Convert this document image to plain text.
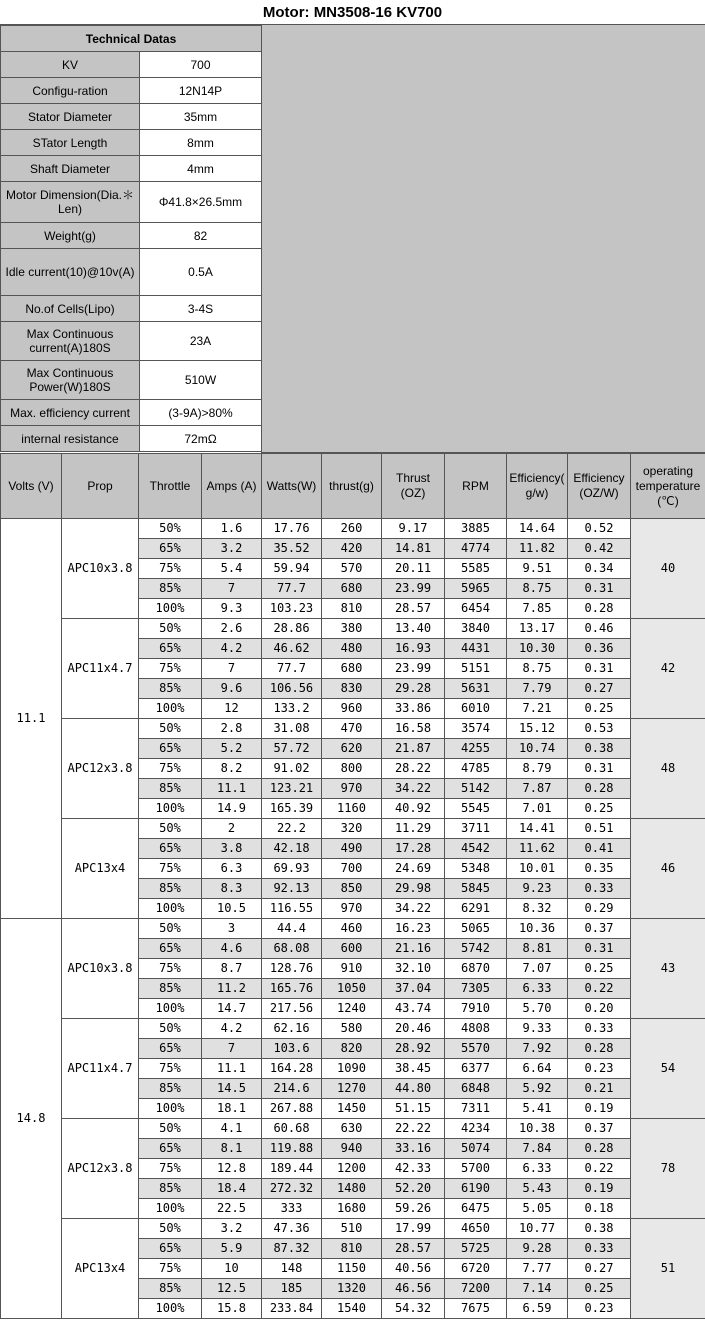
Motor: MN3508-16 KV700
Technical Datas	
KV	700
Configu-ration	12N14P
Stator Diameter	35mm
STator Length	8mm
Shaft Diameter	4mm
Motor Dimension(Dia.＊Len)	Φ41.8×26.5mm
Weight(g)	82
Idle current(10)@10v(A)	0.5A
No.of Cells(Lipo)	3-4S
Max Continuous current(A)180S	23A
Max Continuous Power(W)180S	510W
Max. efficiency current	(3-9A)>80%
internal resistance	72mΩ
Volts (V)	Prop	Throttle	Amps (A)	Watts(W)	thrust(g)	Thrust (OZ)	RPM	Efficiency( g/w)	Efficiency (OZ/W)	operating temperature (℃)
11.1	APC10x3.8	50%	1.6	17.76	260	9.17	3885	14.64	0.52	40
		65%	3.2	35.52	420	14.81	4774	11.82	0.42	
		75%	5.4	59.94	570	20.11	5585	9.51	0.34	
		85%	7	77.7	680	23.99	5965	8.75	0.31	
		100%	9.3	103.23	810	28.57	6454	7.85	0.28	
	APC11x4.7	50%	2.6	28.86	380	13.40	3840	13.17	0.46	42
		65%	4.2	46.62	480	16.93	4431	10.30	0.36	
		75%	7	77.7	680	23.99	5151	8.75	0.31	
		85%	9.6	106.56	830	29.28	5631	7.79	0.27	
		100%	12	133.2	960	33.86	6010	7.21	0.25	
	APC12x3.8	50%	2.8	31.08	470	16.58	3574	15.12	0.53	48
		65%	5.2	57.72	620	21.87	4255	10.74	0.38	
		75%	8.2	91.02	800	28.22	4785	8.79	0.31	
		85%	11.1	123.21	970	34.22	5142	7.87	0.28	
		100%	14.9	165.39	1160	40.92	5545	7.01	0.25	
	APC13x4	50%	2	22.2	320	11.29	3711	14.41	0.51	46
		65%	3.8	42.18	490	17.28	4542	11.62	0.41	
		75%	6.3	69.93	700	24.69	5348	10.01	0.35	
		85%	8.3	92.13	850	29.98	5845	9.23	0.33	
		100%	10.5	116.55	970	34.22	6291	8.32	0.29	
14.8	APC10x3.8	50%	3	44.4	460	16.23	5065	10.36	0.37	43
		65%	4.6	68.08	600	21.16	5742	8.81	0.31	
		75%	8.7	128.76	910	32.10	6870	7.07	0.25	
		85%	11.2	165.76	1050	37.04	7305	6.33	0.22	
		100%	14.7	217.56	1240	43.74	7910	5.70	0.20	
	APC11x4.7	50%	4.2	62.16	580	20.46	4808	9.33	0.33	54
		65%	7	103.6	820	28.92	5570	7.92	0.28	
		75%	11.1	164.28	1090	38.45	6377	6.64	0.23	
		85%	14.5	214.6	1270	44.80	6848	5.92	0.21	
		100%	18.1	267.88	1450	51.15	7311	5.41	0.19	
	APC12x3.8	50%	4.1	60.68	630	22.22	4234	10.38	0.37	78
		65%	8.1	119.88	940	33.16	5074	7.84	0.28	
		75%	12.8	189.44	1200	42.33	5700	6.33	0.22	
		85%	18.4	272.32	1480	52.20	6190	5.43	0.19	
		100%	22.5	333	1680	59.26	6475	5.05	0.18	
	APC13x4	50%	3.2	47.36	510	17.99	4650	10.77	0.38	51
		65%	5.9	87.32	810	28.57	5725	9.28	0.33	
		75%	10	148	1150	40.56	6720	7.77	0.27	
		85%	12.5	185	1320	46.56	7200	7.14	0.25	
		100%	15.8	233.84	1540	54.32	7675	6.59	0.23	
